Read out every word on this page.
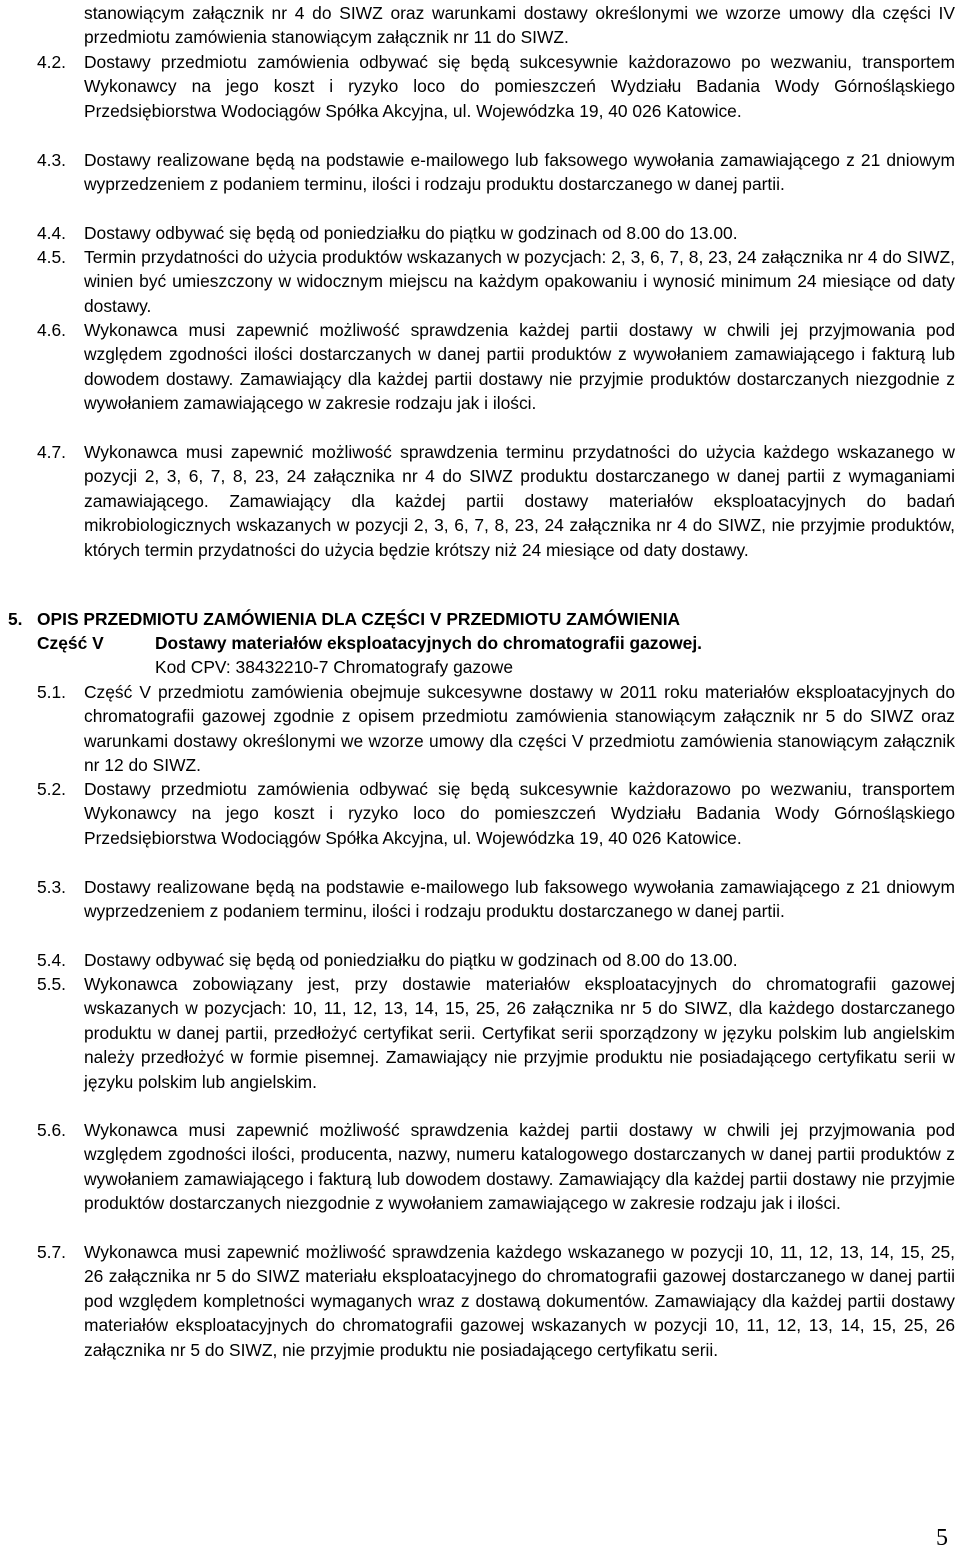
stanowiącym załącznik nr 4 do SIWZ oraz warunkami dostawy określonymi we wzorze umowy dla części IV przedmiotu zamówienia stanowiącym załącznik nr 11 do SIWZ.

4.2.	Dostawy przedmiotu zamówienia odbywać się będą sukcesywnie każdorazowo po wezwaniu, transportem Wykonawcy na jego koszt i ryzyko loco do pomieszczeń Wydziału Badania Wody Górnośląskiego Przedsiębiorstwa Wodociągów Spółka Akcyjna, ul. Wojewódzka 19, 40 026 Katowice.

4.3.	Dostawy realizowane będą na podstawie e-mailowego lub faksowego wywołania zamawiającego z 21 dniowym wyprzedzeniem z podaniem terminu, ilości i rodzaju produktu dostarczanego w danej partii.

4.4.	Dostawy odbywać się będą od poniedziałku do piątku w godzinach od 8.00 do 13.00.

4.5.	Termin przydatności do użycia produktów wskazanych w pozycjach: 2, 3, 6, 7, 8, 23, 24 załącznika nr 4 do SIWZ, winien być umieszczony w widocznym miejscu na każdym opakowaniu i wynosić minimum 24 miesiące od daty dostawy.

4.6.	Wykonawca musi zapewnić możliwość sprawdzenia każdej partii dostawy w chwili jej przyjmowania pod względem zgodności ilości dostarczanych w danej partii produktów z wywołaniem zamawiającego i fakturą lub dowodem dostawy. Zamawiający dla każdej partii dostawy nie przyjmie produktów dostarczanych niezgodnie z wywołaniem zamawiającego w zakresie rodzaju jak i ilości.

4.7.	Wykonawca musi zapewnić możliwość sprawdzenia terminu przydatności do użycia każdego wskazanego w pozycji 2, 3, 6, 7, 8, 23, 24 załącznika nr 4 do SIWZ produktu dostarczanego w danej partii z wymaganiami zamawiającego. Zamawiający dla każdej partii dostawy materiałów eksploatacyjnych do badań mikrobiologicznych wskazanych w pozycji 2, 3, 6, 7, 8, 23, 24 załącznika nr 4 do SIWZ, nie przyjmie produktów, których termin przydatności do użycia będzie krótszy niż 24 miesiące od daty dostawy.

5. OPIS PRZEDMIOTU ZAMÓWIENIA DLA CZĘŚCI V PRZEDMIOTU ZAMÓWIENIA

Część V	Dostawy materiałów eksploatacyjnych do chromatografii gazowej.

Kod CPV: 38432210-7 Chromatografy gazowe

5.1.	Część V przedmiotu zamówienia obejmuje sukcesywne dostawy w 2011 roku materiałów eksploatacyjnych do chromatografii gazowej zgodnie z opisem przedmiotu zamówienia stanowiącym załącznik nr 5 do SIWZ oraz warunkami dostawy określonymi we wzorze umowy dla części V przedmiotu zamówienia stanowiącym załącznik nr 12 do SIWZ.

5.2.	Dostawy przedmiotu zamówienia odbywać się będą sukcesywnie każdorazowo po wezwaniu, transportem Wykonawcy na jego koszt i ryzyko loco do pomieszczeń Wydziału Badania Wody Górnośląskiego Przedsiębiorstwa Wodociągów Spółka Akcyjna, ul. Wojewódzka 19, 40 026 Katowice.

5.3.	Dostawy realizowane będą na podstawie e-mailowego lub faksowego wywołania zamawiającego z 21 dniowym wyprzedzeniem z podaniem terminu, ilości i rodzaju produktu dostarczanego w danej partii.

5.4.	Dostawy odbywać się będą od poniedziałku do piątku w godzinach od 8.00 do 13.00.

5.5.	Wykonawca zobowiązany jest, przy dostawie materiałów eksploatacyjnych do chromatografii gazowej wskazanych w pozycjach: 10, 11, 12, 13, 14, 15, 25, 26 załącznika nr 5 do SIWZ, dla każdego dostarczanego produktu w danej partii, przedłożyć certyfikat serii. Certyfikat serii sporządzony w języku polskim lub angielskim należy przedłożyć w formie pisemnej. Zamawiający nie przyjmie produktu nie posiadającego certyfikatu serii w języku polskim lub angielskim.

5.6.	Wykonawca musi zapewnić możliwość sprawdzenia każdej partii dostawy w chwili jej przyjmowania pod względem zgodności ilości, producenta, nazwy, numeru katalogowego dostarczanych w danej partii produktów z wywołaniem zamawiającego i fakturą lub dowodem dostawy. Zamawiający dla każdej partii dostawy nie przyjmie produktów dostarczanych niezgodnie z wywołaniem zamawiającego w zakresie rodzaju jak i ilości.

5.7.	Wykonawca musi zapewnić możliwość sprawdzenia każdego wskazanego w pozycji 10, 11, 12, 13, 14, 15, 25, 26 załącznika nr 5 do SIWZ materiału eksploatacyjnego do chromatografii gazowej dostarczanego w danej partii pod względem kompletności wymaganych wraz z dostawą dokumentów. Zamawiający dla każdej partii dostawy materiałów eksploatacyjnych do chromatografii gazowej wskazanych w pozycji 10, 11, 12, 13, 14, 15, 25, 26 załącznika nr 5 do SIWZ, nie przyjmie produktu nie posiadającego certyfikatu serii.

5
